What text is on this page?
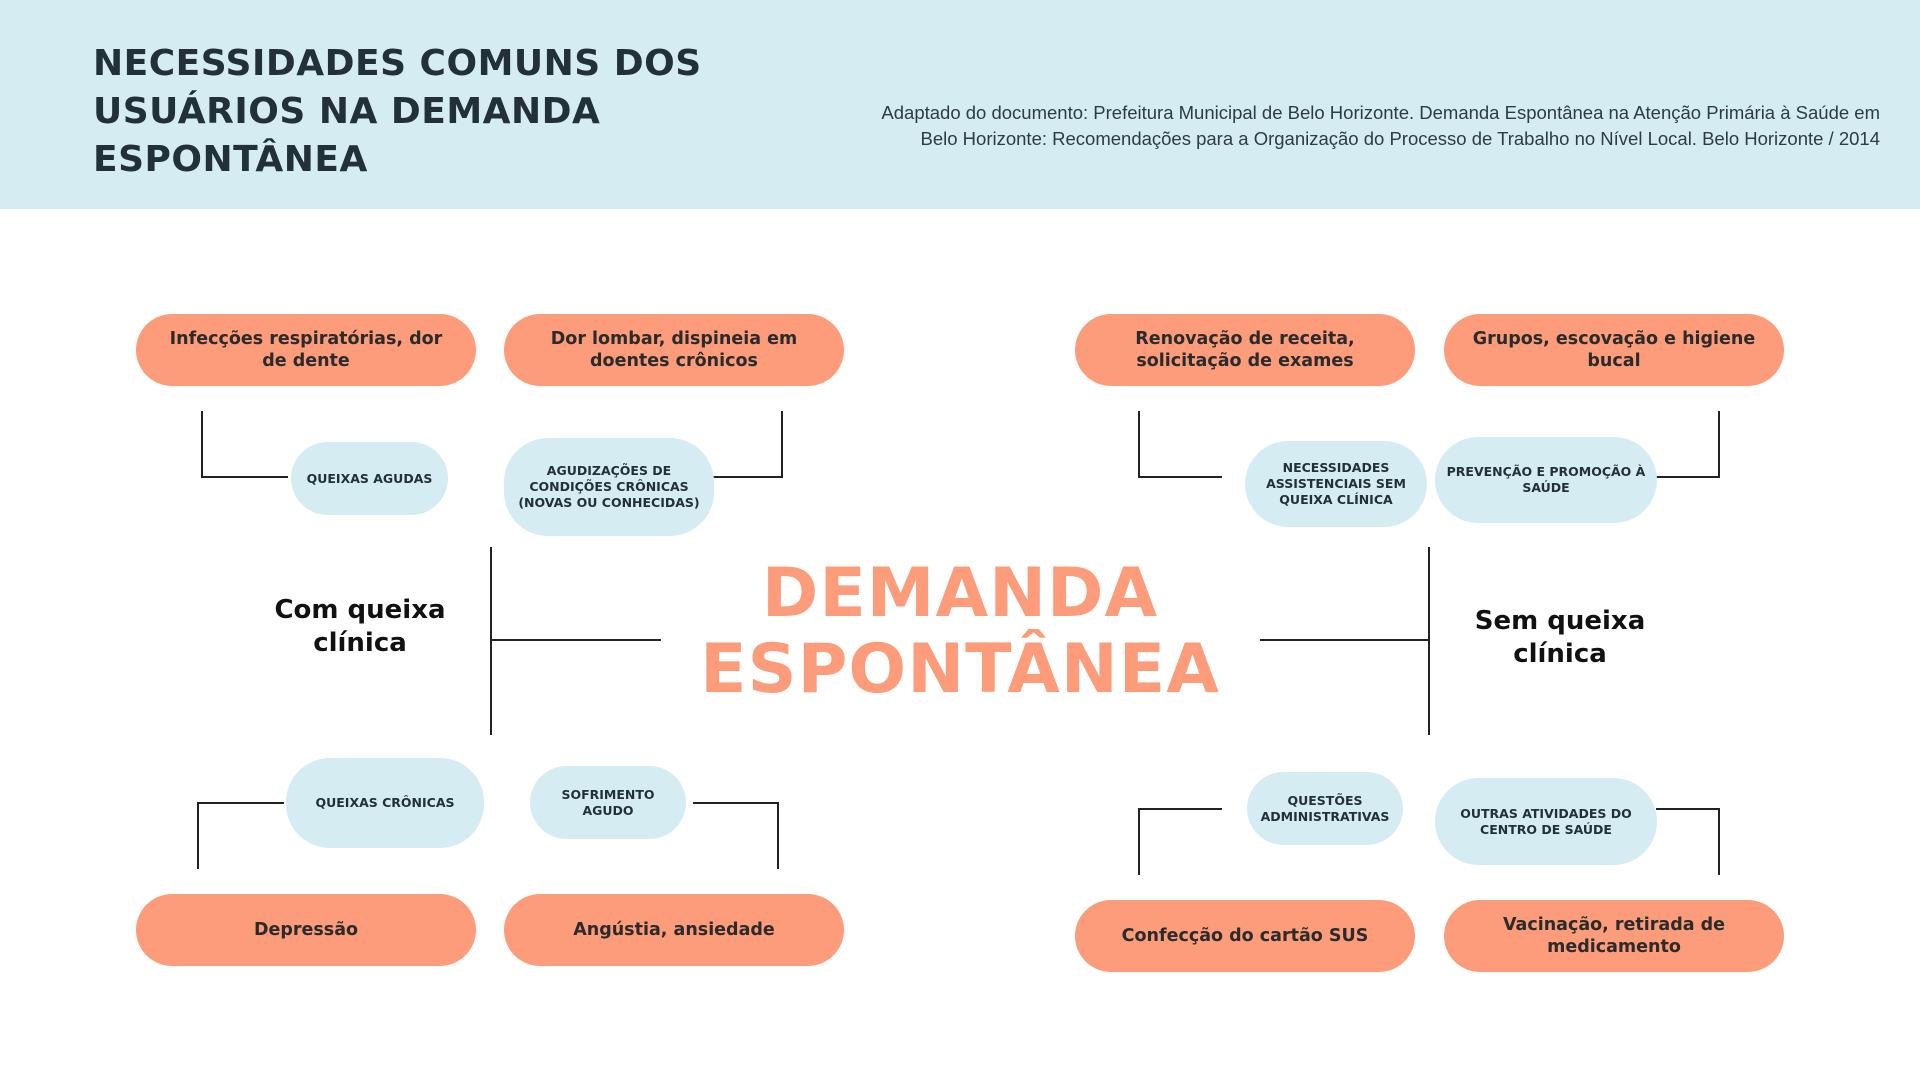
NECESSIDADES COMUNS DOS USUÁRIOS NA DEMANDA ESPONTÂNEA
Adaptado do documento: Prefeitura Municipal de Belo Horizonte. Demanda Espontânea na Atenção Primária à Saúde em Belo Horizonte: Recomendações para a Organização do Processo de Trabalho no Nível Local. Belo Horizonte / 2014
Infecções respiratórias, dor de dente
Dor lombar, dispineia em doentes crônicos
Depressão	Angústia, ansiedade
QUEIXAS AGUDAS	AGUDIZAÇÕES DE CONDIÇÕES CRÔNICAS (NOVAS OU CONHECIDAS)
QUEIXAS CRÔNICAS
SOFRIMENTO AGUDO
Renovação de receita, solicitação de exames
Grupos, escovação e higiene bucal
Confecção do cartão SUS
Vacinação, retirada de medicamento
NECESSIDADES ASSISTENCIAIS SEM QUEIXA CLÍNICA
PREVENÇÃO E PROMOÇÃO À SAÚDE
QUESTÕES ADMINISTRATIVAS	OUTRAS ATIVIDADES DO CENTRO DE SAÚDE
Com queixa
clínica
Sem queixa
clínica
DEMANDA
ESPONTÂNEA
